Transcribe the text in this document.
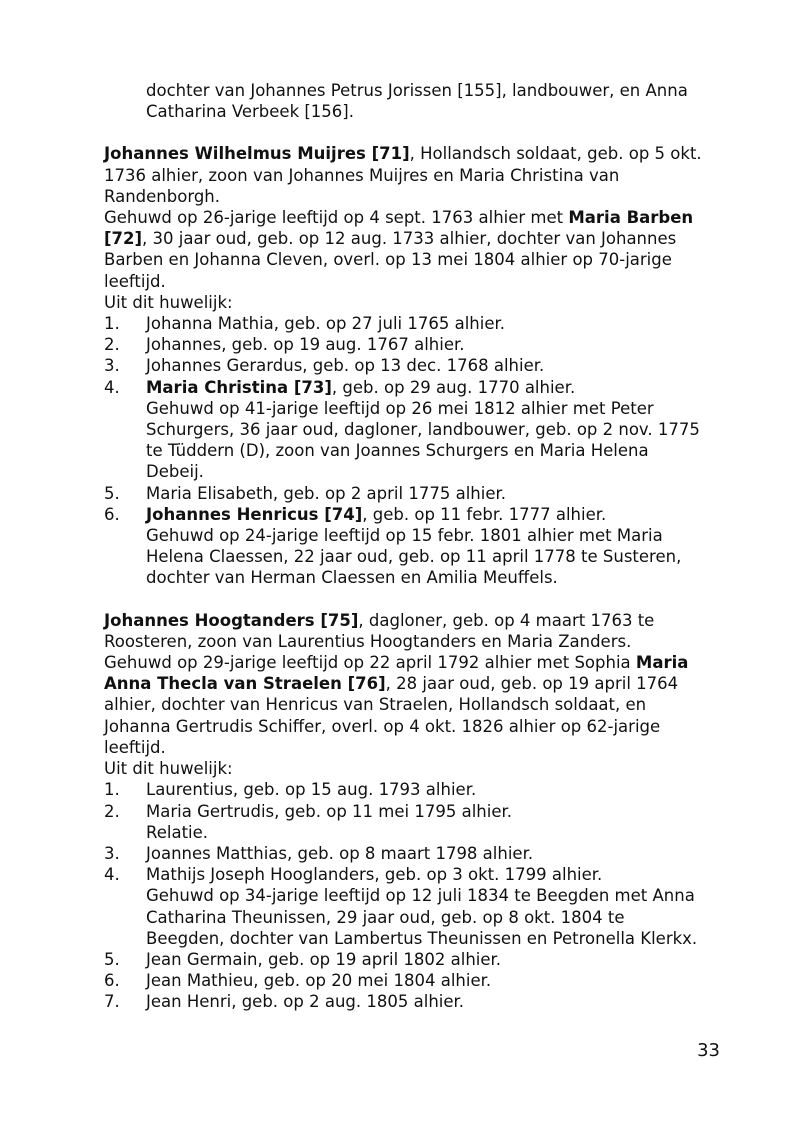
dochter van Johannes Petrus Jorissen [155], landbouwer, en Anna Catharina Verbeek [156].

Johannes Wilhelmus Muijres [71], Hollandsch soldaat, geb. op 5 okt. 1736 alhier, zoon van Johannes Muijres en Maria Christina van Randenborgh.

Gehuwd op 26-jarige leeftijd op 4 sept. 1763 alhier met Maria Barben [72], 30 jaar oud, geb. op 12 aug. 1733 alhier, dochter van Johannes Barben en Johanna Cleven, overl. op 13 mei 1804 alhier op 70-jarige leeftijd.

Uit dit huwelijk:

1.	Johanna Mathia, geb. op 27 juli 1765 alhier.
2.	Johannes, geb. op 19 aug. 1767 alhier.
3.	Johannes Gerardus, geb. op 13 dec. 1768 alhier.
4.	Maria Christina [73], geb. op 29 aug. 1770 alhier.
Gehuwd op 41-jarige leeftijd op 26 mei 1812 alhier met Peter Schurgers, 36 jaar oud, dagloner, landbouwer, geb. op 2 nov. 1775 te Tüddern (D), zoon van Joannes Schurgers en Maria Helena Debeij.
5.	Maria Elisabeth, geb. op 2 april 1775 alhier.
6.	Johannes Henricus [74], geb. op 11 febr. 1777 alhier.
Gehuwd op 24-jarige leeftijd op 15 febr. 1801 alhier met Maria Helena Claessen, 22 jaar oud, geb. op 11 april 1778 te Susteren, dochter van Herman Claessen en Amilia Meuffels.

Johannes Hoogtanders [75], dagloner, geb. op 4 maart 1763 te Roosteren, zoon van Laurentius Hoogtanders en Maria Zanders.

Gehuwd op 29-jarige leeftijd op 22 april 1792 alhier met Sophia Maria Anna Thecla van Straelen [76], 28 jaar oud, geb. op 19 april 1764 alhier, dochter van Henricus van Straelen, Hollandsch soldaat, en Johanna Gertrudis Schiffer, overl. op 4 okt. 1826 alhier op 62-jarige leeftijd.

Uit dit huwelijk:

1.	Laurentius, geb. op 15 aug. 1793 alhier.
2.	Maria Gertrudis, geb. op 11 mei 1795 alhier.
Relatie.
3.	Joannes Matthias, geb. op 8 maart 1798 alhier.
4.	Mathijs Joseph Hooglanders, geb. op 3 okt. 1799 alhier.
Gehuwd op 34-jarige leeftijd op 12 juli 1834 te Beegden met Anna Catharina Theunissen, 29 jaar oud, geb. op 8 okt. 1804 te Beegden, dochter van Lambertus Theunissen en Petronella Klerkx.
5.	Jean Germain, geb. op 19 april 1802 alhier.
6.	Jean Mathieu, geb. op 20 mei 1804 alhier.
7.	Jean Henri, geb. op 2 aug. 1805 alhier.
33
